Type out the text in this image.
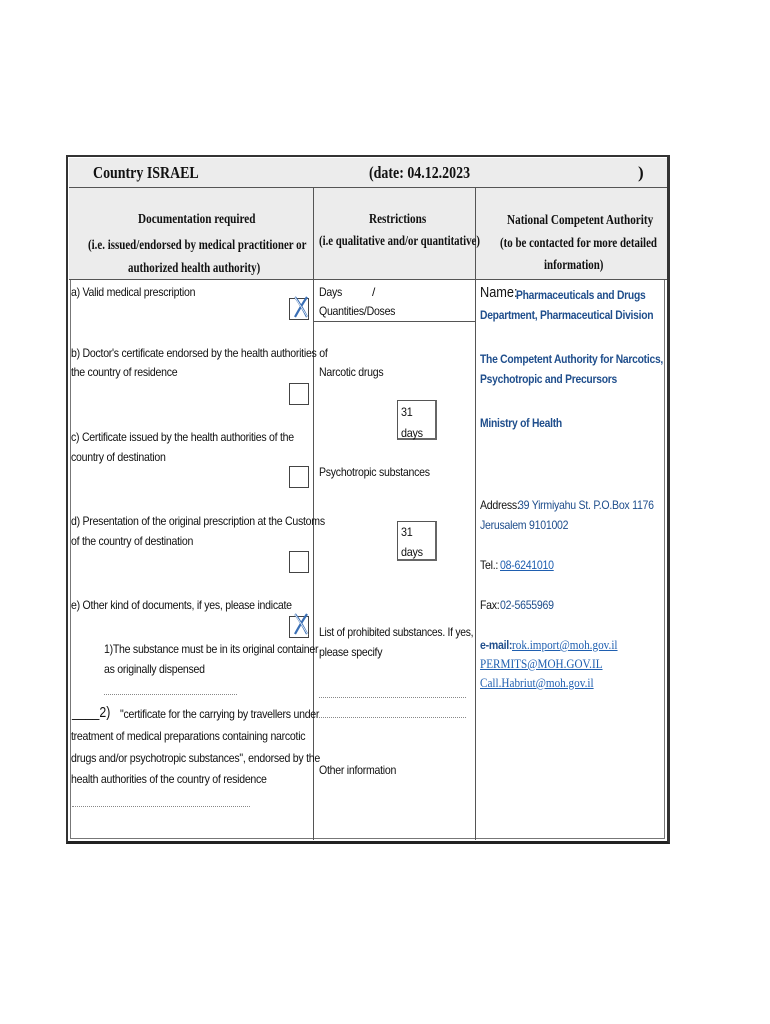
Country ISRAEL	(date: 04.12.2023	)
Documentation required
(i.e. issued/endorsed by medical practitioner or
authorized health authority)
Restrictions
(i.e qualitative and/or quantitative)
National Competent Authority
(to be contacted for more detailed
information)
a) Valid medical prescription
b) Doctor's certificate endorsed by the health authorities of
the country of residence
c) Certificate issued by the health authorities of the
country of destination
d) Presentation of the original prescription at the Customs
of the country of destination
e) Other kind of documents, if yes, please indicate
1)The substance must be in its original container
as originally dispensed
____2) "certificate for the carrying by travellers under
treatment of medical preparations containing narcotic
drugs and/or psychotropic substances", endorsed by the
health authorities of the country of residence
Days /
Quantities/Doses
Narcotic drugs
31
days
Psychotropic substances
31
days
List of prohibited substances. If yes,
please specify
Other information
Name:
Pharmaceuticals and Drugs
Department, Pharmaceutical Division
The Competent Authority for Narcotics,
Psychotropic and Precursors
Ministry of Health
Address:
39 Yirmiyahu St. P.O.Box 1176
Jerusalem 9101002
Tel.: 08-6241010
Fax: 02-5655969
e-mail: rok.import@moh.gov.il
PERMITS@MOH.GOV.IL
Call.Habriut@moh.gov.il
